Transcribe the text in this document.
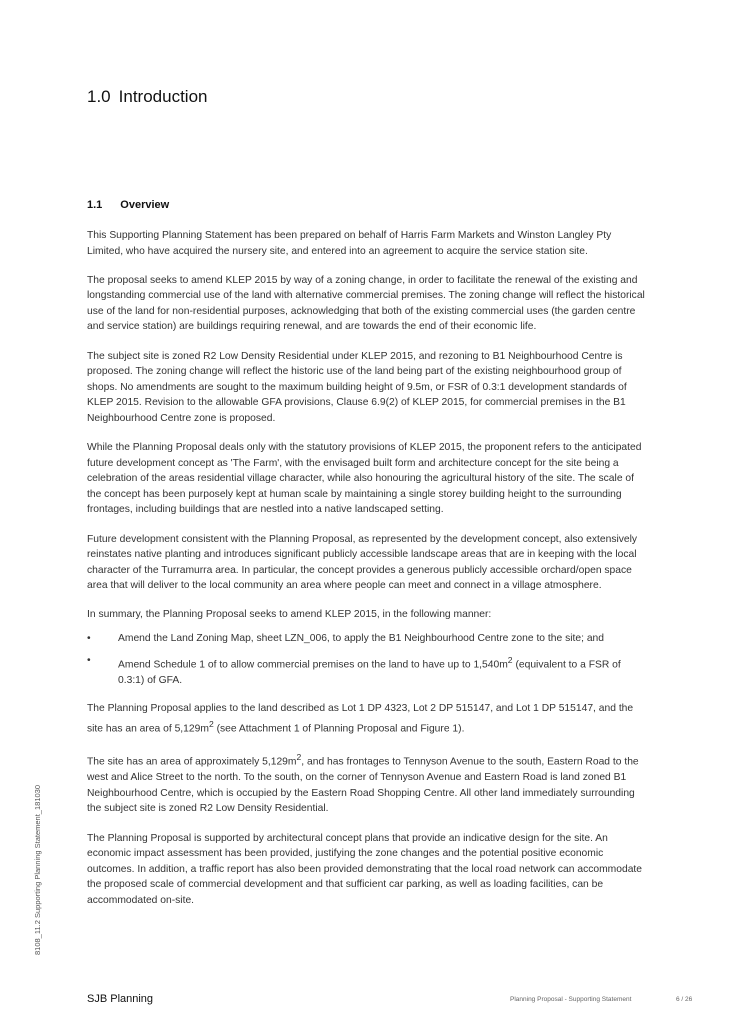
1.0 Introduction
1.1 Overview

This Supporting Planning Statement has been prepared on behalf of Harris Farm Markets and Winston Langley Pty Limited, who have acquired the nursery site, and entered into an agreement to acquire the service station site.

The proposal seeks to amend KLEP 2015 by way of a zoning change, in order to facilitate the renewal of the existing and longstanding commercial use of the land with alternative commercial premises. The zoning change will reflect the historical use of the land for non-residential purposes, acknowledging that both of the existing commercial uses (the garden centre and service station) are buildings requiring renewal, and are towards the end of their economic life.

The subject site is zoned R2 Low Density Residential under KLEP 2015, and rezoning to B1 Neighbourhood Centre is proposed. The zoning change will reflect the historic use of the land being part of the existing neighbourhood group of shops. No amendments are sought to the maximum building height of 9.5m, or FSR of 0.3:1 development standards of KLEP 2015. Revision to the allowable GFA provisions, Clause 6.9(2) of KLEP 2015, for commercial premises in the B1 Neighbourhood Centre zone is proposed.

While the Planning Proposal deals only with the statutory provisions of KLEP 2015, the proponent refers to the anticipated future development concept as 'The Farm', with the envisaged built form and architecture concept for the site being a celebration of the areas residential village character, while also honouring the agricultural history of the site. The scale of the concept has been purposely kept at human scale by maintaining a single storey building height to the surrounding frontages, including buildings that are nestled into a native landscaped setting.

Future development consistent with the Planning Proposal, as represented by the development concept, also extensively reinstates native planting and introduces significant publicly accessible landscape areas that are in keeping with the local character of the Turramurra area. In particular, the concept provides a generous publicly accessible orchard/open space area that will deliver to the local community an area where people can meet and connect in a village atmosphere.

In summary, the Planning Proposal seeks to amend KLEP 2015, in the following manner:

•	Amend the Land Zoning Map, sheet LZN_006, to apply the B1 Neighbourhood Centre zone to the site; and
•	Amend Schedule 1 of to allow commercial premises on the land to have up to $1,540m^2$ (equivalent to a FSR of 0.3:1) of GFA.

The Planning Proposal applies to the land described as Lot 1 DP 4323, Lot 2 DP 515147, and Lot 1 DP 515147, and the site has an area of $5,129m^2$ (see Attachment 1 of Planning Proposal and Figure 1).

The site has an area of approximately $5,129m^2$, and has frontages to Tennyson Avenue to the south, Eastern Road to the west and Alice Street to the north. To the south, on the corner of Tennyson Avenue and Eastern Road is land zoned B1 Neighbourhood Centre, which is occupied by the Eastern Road Shopping Centre. All other land immediately surrounding the subject site is zoned R2 Low Density Residential.

The Planning Proposal is supported by architectural concept plans that provide an indicative design for the site. An economic impact assessment has been provided, justifying the zone changes and the potential positive economic outcomes. In addition, a traffic report has also been provided demonstrating that the local road network can accommodate the proposed scale of commercial development and that sufficient car parking, as well as loading facilities, can be accommodated on-site.

8108_11.2 Supporting Planning Statement_181030
SJB Planning	Planning Proposal - Supporting Statement	6 / 26
